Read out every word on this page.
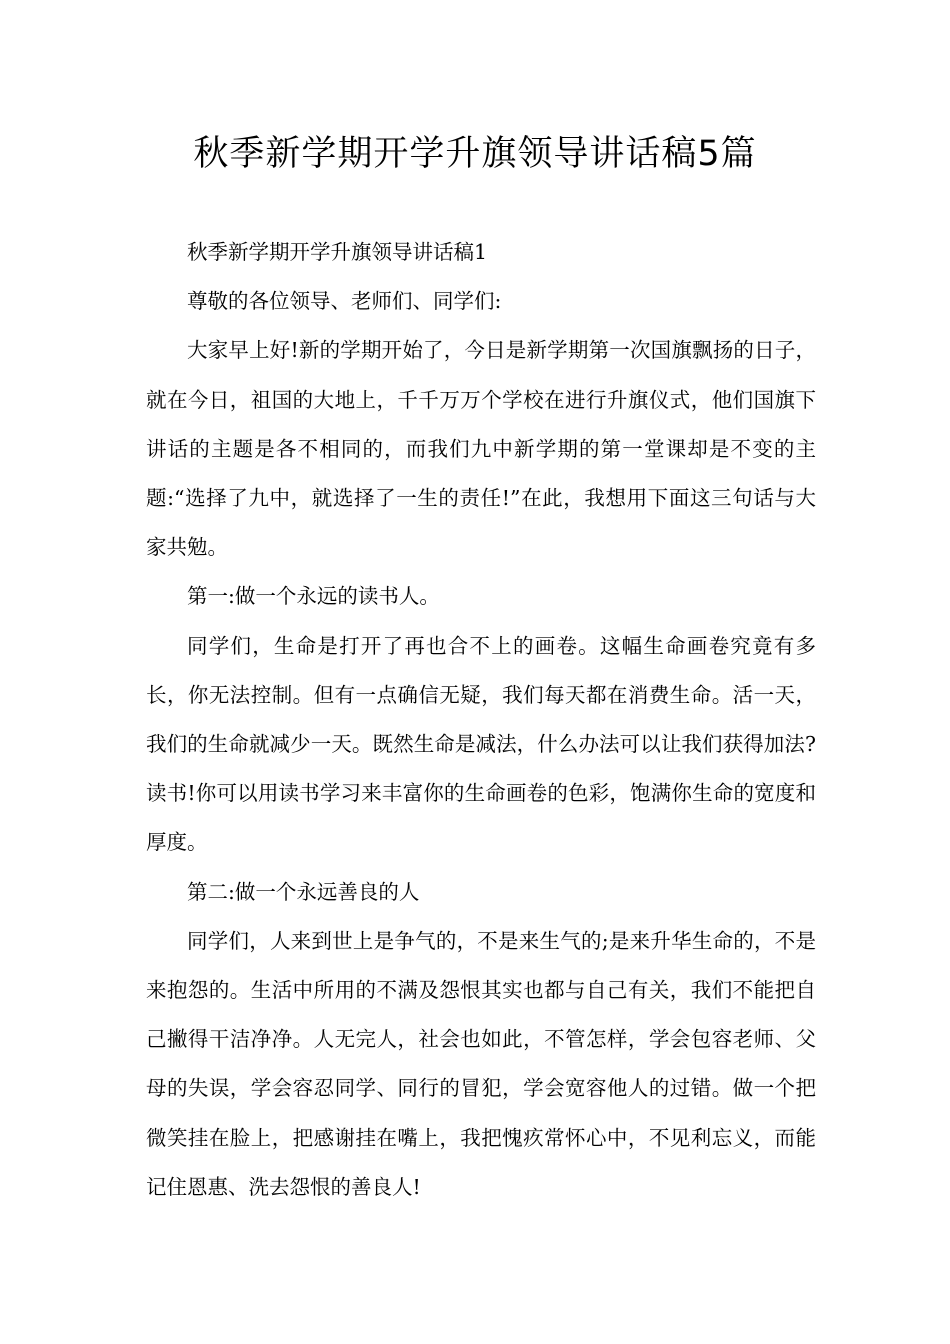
秋季新学期开学升旗领导讲话稿5篇

秋季新学期开学升旗领导讲话稿1

尊敬的各位领导、老师们、同学们:

大家早上好!新的学期开始了，今日是新学期第一次国旗飘扬的日子，就在今日，祖国的大地上，千千万万个学校在进行升旗仪式，他们国旗下讲话的主题是各不相同的，而我们九中新学期的第一堂课却是不变的主题:“选择了九中，就选择了一生的责任!”在此，我想用下面这三句话与大家共勉。

第一:做一个永远的读书人。

同学们，生命是打开了再也合不上的画卷。这幅生命画卷究竟有多长，你无法控制。但有一点确信无疑，我们每天都在消费生命。活一天，我们的生命就减少一天。既然生命是减法，什么办法可以让我们获得加法?读书!你可以用读书学习来丰富你的生命画卷的色彩，饱满你生命的宽度和厚度。

第二:做一个永远善良的人

同学们，人来到世上是争气的，不是来生气的;是来升华生命的，不是来抱怨的。生活中所用的不满及怨恨其实也都与自己有关，我们不能把自己撇得干洁净净。人无完人，社会也如此，不管怎样，学会包容老师、父母的失误，学会容忍同学、同行的冒犯，学会宽容他人的过错。做一个把微笑挂在脸上，把感谢挂在嘴上，我把愧疚常怀心中，不见利忘义，而能记住恩惠、洗去怨恨的善良人!
